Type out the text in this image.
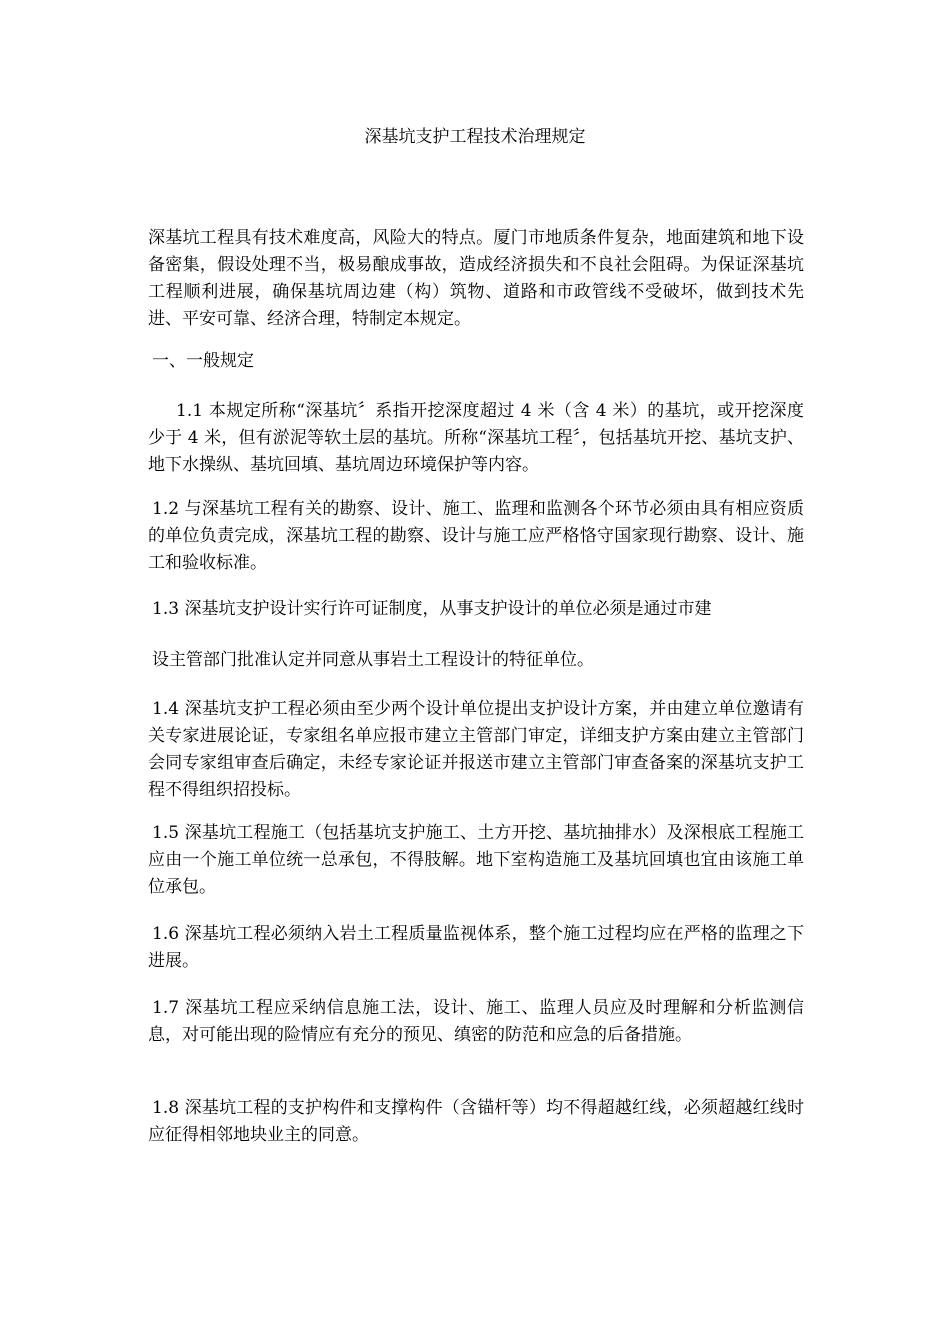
深基坑支护工程技术治理规定

深基坑工程具有技术难度高，风险大的特点。厦门市地质条件复杂，地面建筑和地下设备密集，假设处理不当，极易酿成事故，造成经济损失和不良社会阻碍。为保证深基坑工程顺利进展，确保基坑周边建（构）筑物、道路和市政管线不受破坏，做到技术先进、平安可靠、经济合理，特制定本规定。

一、一般规定

1.1 本规定所称“深基坑〞系指开挖深度超过 4 米（含 4 米）的基坑，或开挖深度少于 4 米，但有淤泥等软土层的基坑。所称“深基坑工程〞，包括基坑开挖、基坑支护、地下水操纵、基坑回填、基坑周边环境保护等内容。

1.2 与深基坑工程有关的勘察、设计、施工、监理和监测各个环节必须由具有相应资质的单位负责完成，深基坑工程的勘察、设计与施工应严格恪守国家现行勘察、设计、施工和验收标准。

1.3 深基坑支护设计实行许可证制度，从事支护设计的单位必须是通过市建

设主管部门批准认定并同意从事岩土工程设计的特征单位。

1.4 深基坑支护工程必须由至少两个设计单位提出支护设计方案，并由建立单位邀请有关专家进展论证，专家组名单应报市建立主管部门审定，详细支护方案由建立主管部门会同专家组审查后确定，未经专家论证并报送市建立主管部门审查备案的深基坑支护工程不得组织招投标。

1.5 深基坑工程施工（包括基坑支护施工、土方开挖、基坑抽排水）及深根底工程施工应由一个施工单位统一总承包，不得肢解。地下室构造施工及基坑回填也宜由该施工单位承包。

1.6 深基坑工程必须纳入岩土工程质量监视体系，整个施工过程均应在严格的监理之下进展。

1.7 深基坑工程应采纳信息施工法，设计、施工、监理人员应及时理解和分析监测信息，对可能出现的险情应有充分的预见、缜密的防范和应急的后备措施。

1.8 深基坑工程的支护构件和支撑构件（含锚杆等）均不得超越红线，必须超越红线时应征得相邻地块业主的同意。
